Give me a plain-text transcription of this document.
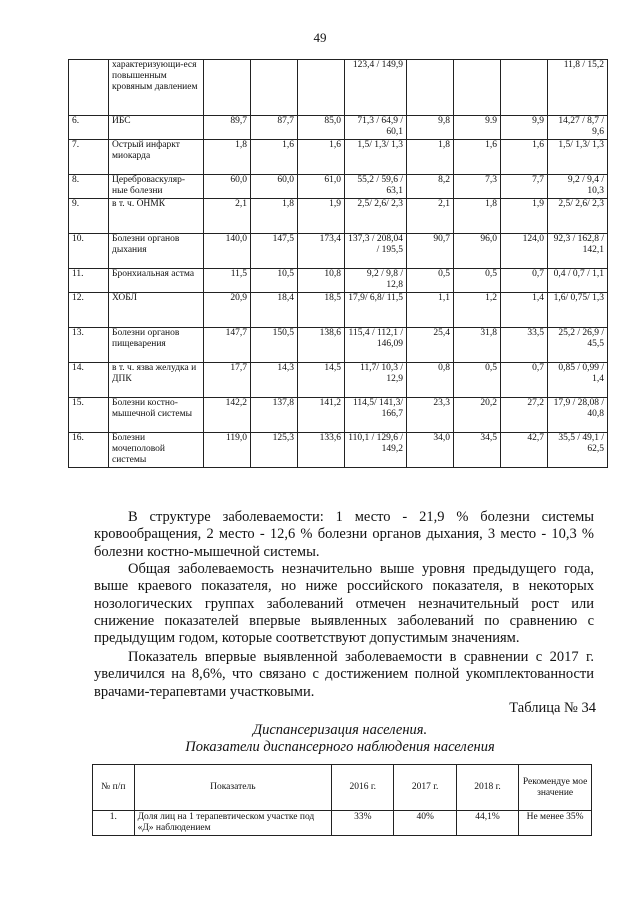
49
	характеризующи-еся повышенным кровяным давлением				123,4 / 149,9				11,8 / 15,2
6.	ИБС	89,7	87,7	85,0	71,3 / 64,9 / 60,1	9,8	9.9	9,9	14,27 / 8,7 / 9,6
7.	Острый инфаркт миокарда	1,8	1,6	1,6	1,5/ 1,3/ 1,3	1,8	1,6	1,6	1,5/ 1,3/ 1,3
8.	Цереброваскуляр-ные болезни	60,0	60,0	61,0	55,2 / 59,6 / 63,1	8,2	7,3	7,7	9,2 / 9,4 / 10,3
9.	в т. ч. ОНМК	2,1	1,8	1,9	2,5/ 2,6/ 2,3	2,1	1,8	1,9	2,5/ 2,6/ 2,3
10.	Болезни органов дыхания	140,0	147,5	173,4	137,3 / 208,04 / 195,5	90,7	96,0	124,0	92,3 / 162,8 / 142,1
11.	Бронхиальная астма	11,5	10,5	10,8	9,2 / 9,8 / 12,8	0,5	0,5	0,7	0,4 / 0,7 / 1,1
12.	ХОБЛ	20,9	18,4	18,5	17,9/ 6,8/ 11,5	1,1	1,2	1,4	1,6/ 0,75/ 1,3
13.	Болезни органов пищеварения	147,7	150,5	138,6	115,4 / 112,1 / 146,09	25,4	31,8	33,5	25,2 / 26,9 / 45,5
14.	в т. ч. язва желудка и ДПК	17,7	14,3	14,5	11,7/ 10,3 / 12,9	0,8	0,5	0,7	0,85 / 0,99 / 1,4
15.	Болезни костно-мышечной системы	142,2	137,8	141,2	114,5/ 141,3/ 166,7	23,3	20,2	27,2	17,9 / 28,08 / 40,8
16.	Болезни мочеполовой системы	119,0	125,3	133,6	110,1 / 129,6 / 149,2	34,0	34,5	42,7	35,5 / 49,1 / 62,5

В структуре заболеваемости: 1 место - 21,9 % болезни системы кровообращения, 2 место - 12,6 % болезни органов дыхания, 3 место - 10,3 % болезни костно-мышечной системы.

Общая заболеваемость незначительно выше уровня предыдущего года, выше краевого показателя, но ниже российского показателя, в некоторых нозологических группах заболеваний отмечен незначительный рост или снижение показателей впервые выявленных заболеваний по сравнению с предыдущим годом, которые соответствуют допустимым значениям.

Показатель впервые выявленной заболеваемости в сравнении с 2017 г. увеличился на 8,6%, что связано с достижением полной укомплектованности врачами-терапевтами участковыми.

Таблица № 34
Диспансеризация населения.
Показатели диспансерного наблюдения населения
№ п/п	Показатель	2016 г.	2017 г.	2018 г.	Рекомендуе мое значение
1.	Доля лиц на 1 терапевтическом участке под «Д» наблюдением	33%	40%	44,1%	Не менее 35%
